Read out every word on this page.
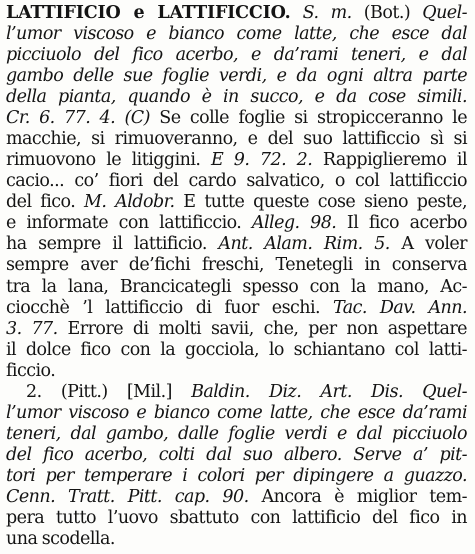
LATTIFICIO e LATTIFICCIO. S. m. (Bot.) Quel-
l’umor viscoso e bianco come latte, che esce dal
picciuolo del fico acerbo, e da’rami teneri, e dal
gambo delle sue foglie verdi, e da ogni altra parte
della pianta, quando è in succo, e da cose simili.
Cr. 6. 77. 4. (C) Se colle foglie si stropicceranno le
macchie, si rimuoveranno, e del suo lattificcio sì si
rimuovono le litiggini. E 9. 72. 2. Rappiglieremo il
cacio... co’ fiori del cardo salvatico, o col lattificcio
del fico. M. Aldobr. E tutte queste cose sieno peste,
e informate con lattificcio. Alleg. 98. Il fico acerbo
ha sempre il lattificio. Ant. Alam. Rim. 5. A voler
sempre aver de’fichi freschi, Tenetegli in conserva
tra la lana, Brancicategli spesso con la mano, Ac-
ciocchè ’l lattificcio di fuor eschi. Tac. Dav. Ann.
3. 77. Errore di molti savii, che, per non aspettare
il dolce fico con la gocciola, lo schiantano col latti-
ficcio.
2. (Pitt.) [Mil.] Baldin. Diz. Art. Dis. Quel-
l’umor viscoso e bianco come latte, che esce da’rami
teneri, dal gambo, dalle foglie verdi e dal picciuolo
del fico acerbo, colti dal suo albero. Serve a’ pit-
tori per temperare i colori per dipingere a guazzo.
Cenn. Tratt. Pitt. cap. 90. Ancora è miglior tem-
pera tutto l’uovo sbattuto con lattificio del fico in
una scodella.
